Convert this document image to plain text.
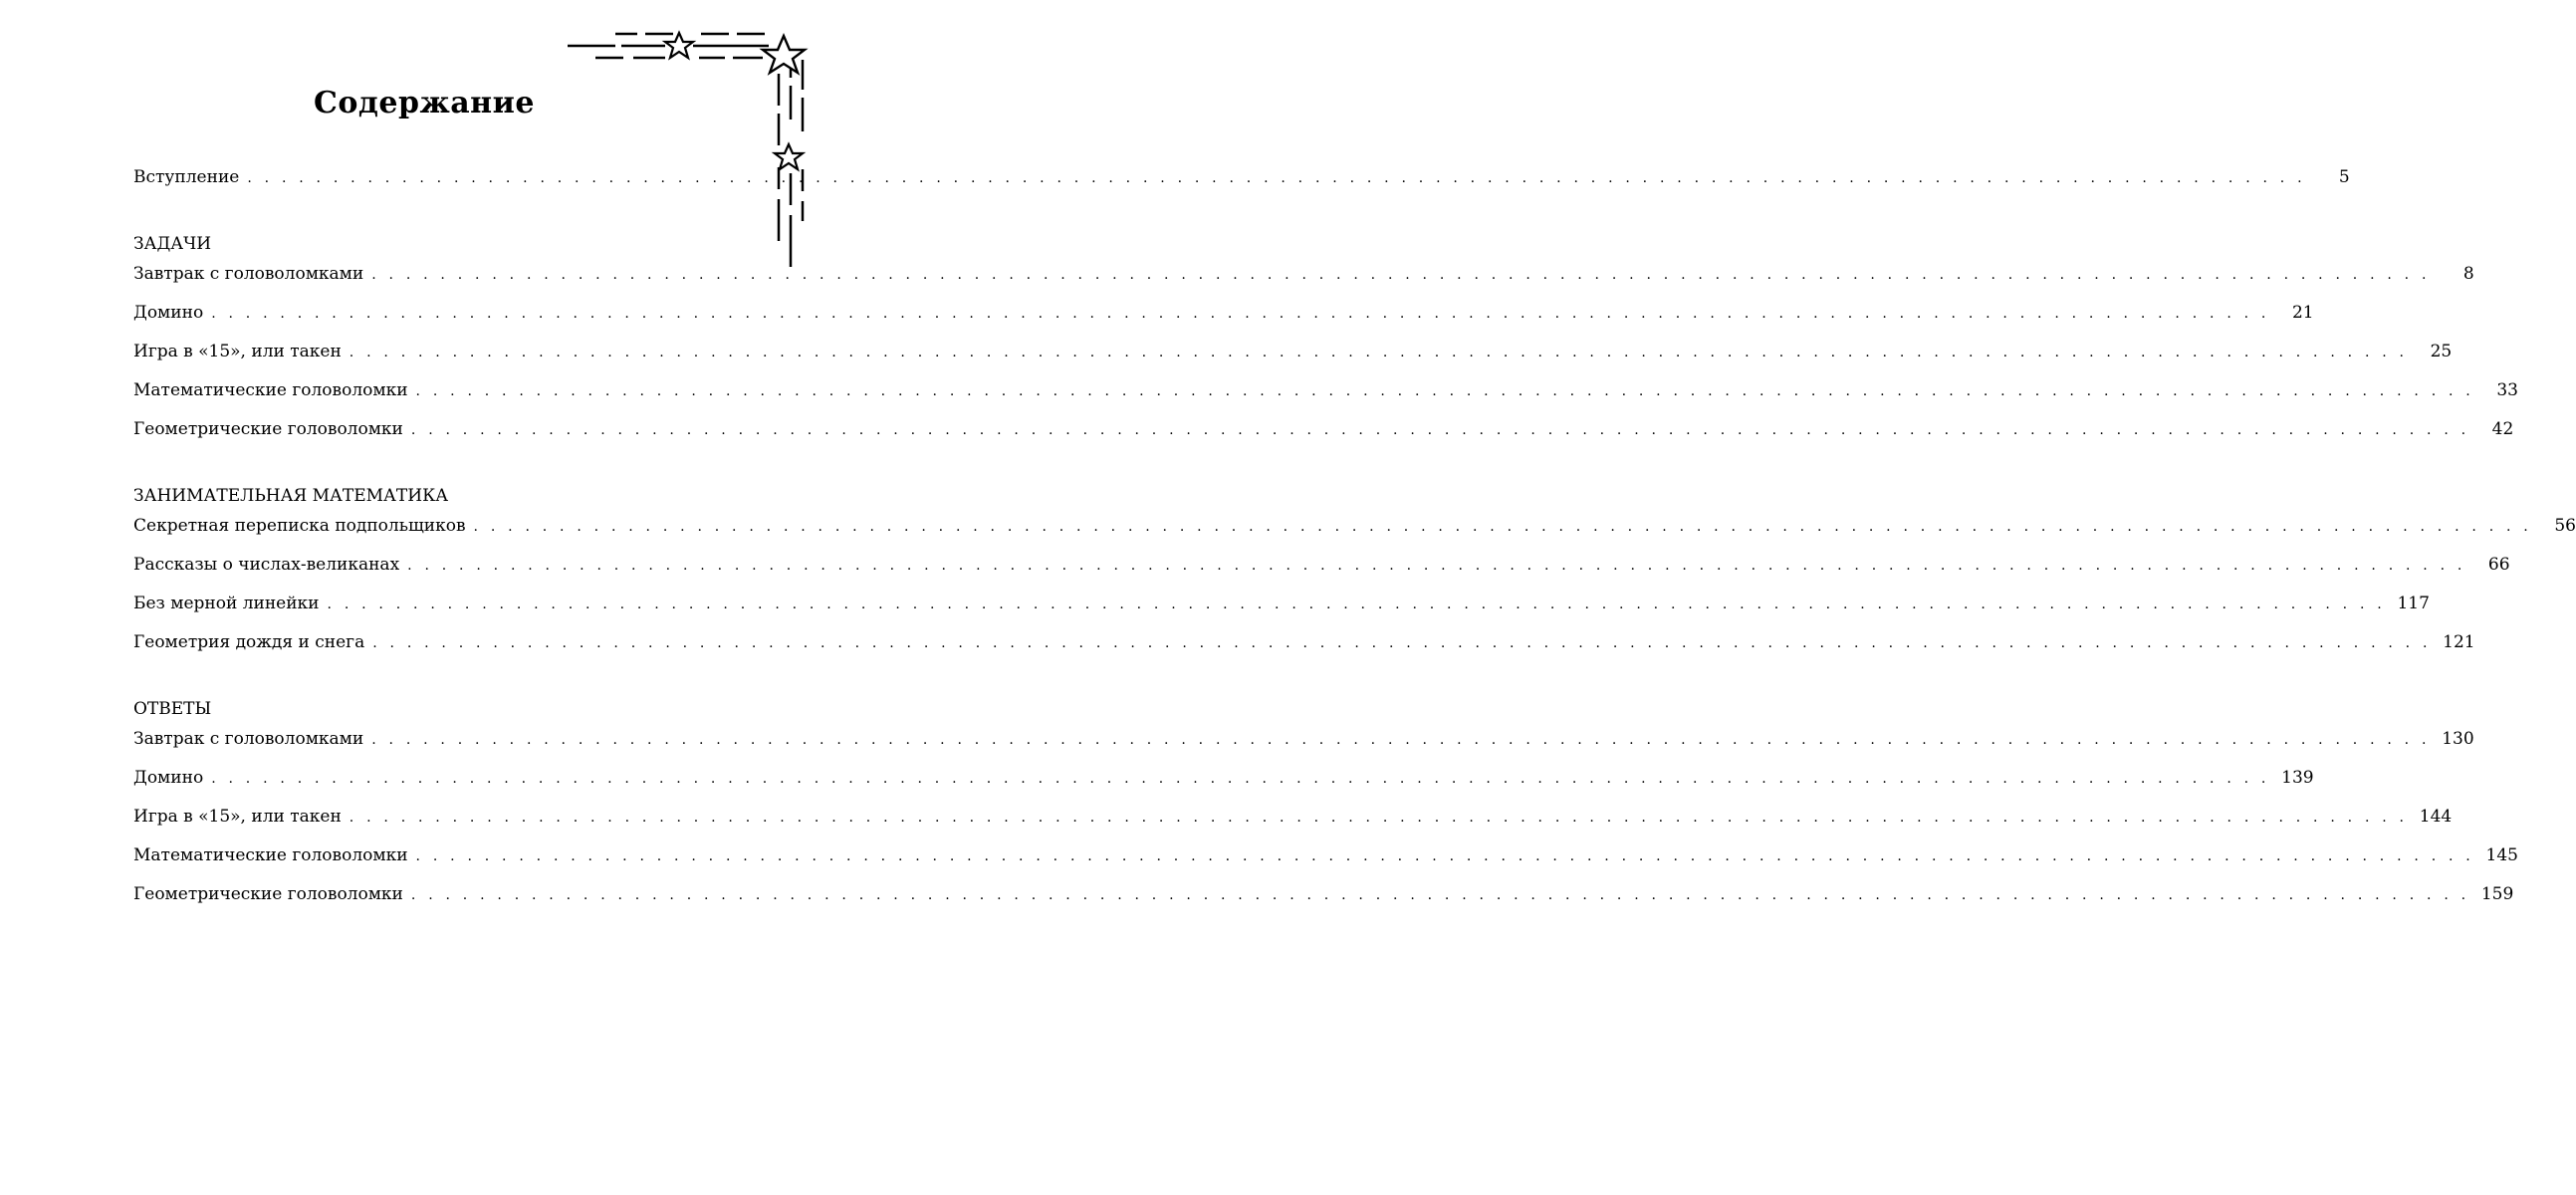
Содержание
Вступление . . . . . . . . . . . . . . . . . . . . . . . . . . . . . . . . . . . . . . . . . . . . . . . . . . . . . . . . . . . . . . . . . . . . . . . . . . . . . . . . . . . . . . . . . . . . . . . . . . . . . . . . . . . . . . . . . . . . . . . .	5
ЗАДАЧИ
Завтрак с головоломками . . . . . . . . . . . . . . . . . . . . . . . . . . . . . . . . . . . . . . . . . . . . . . . . . . . . . . . . . . . . . . . . . . . . . . . . . . . . . . . . . . . . . . . . . . . . . . . . . . . . . . . . . . . . . . . . . . . . . . . .	8
Домино . . . . . . . . . . . . . . . . . . . . . . . . . . . . . . . . . . . . . . . . . . . . . . . . . . . . . . . . . . . . . . . . . . . . . . . . . . . . . . . . . . . . . . . . . . . . . . . . . . . . . . . . . . . . . . . . . . . . . . . .	21
Игра в «15», или такен . . . . . . . . . . . . . . . . . . . . . . . . . . . . . . . . . . . . . . . . . . . . . . . . . . . . . . . . . . . . . . . . . . . . . . . . . . . . . . . . . . . . . . . . . . . . . . . . . . . . . . . . . . . . . . . . . . . . . . . .	25
Математические головоломки . . . . . . . . . . . . . . . . . . . . . . . . . . . . . . . . . . . . . . . . . . . . . . . . . . . . . . . . . . . . . . . . . . . . . . . . . . . . . . . . . . . . . . . . . . . . . . . . . . . . . . . . . . . . . . . . . . . . . . . .	33
Геометрические головоломки . . . . . . . . . . . . . . . . . . . . . . . . . . . . . . . . . . . . . . . . . . . . . . . . . . . . . . . . . . . . . . . . . . . . . . . . . . . . . . . . . . . . . . . . . . . . . . . . . . . . . . . . . . . . . . . . . . . . . . . .	42
ЗАНИМАТЕЛЬНАЯ МАТЕМАТИКА
Секретная переписка подпольщиков . . . . . . . . . . . . . . . . . . . . . . . . . . . . . . . . . . . . . . . . . . . . . . . . . . . . . . . . . . . . . . . . . . . . . . . . . . . . . . . . . . . . . . . . . . . . . . . . . . . . . . . . . . . . . . . . . . . . . . . .	56
Рассказы о числах-великанах . . . . . . . . . . . . . . . . . . . . . . . . . . . . . . . . . . . . . . . . . . . . . . . . . . . . . . . . . . . . . . . . . . . . . . . . . . . . . . . . . . . . . . . . . . . . . . . . . . . . . . . . . . . . . . . . . . . . . . . .	66
Без мерной линейки . . . . . . . . . . . . . . . . . . . . . . . . . . . . . . . . . . . . . . . . . . . . . . . . . . . . . . . . . . . . . . . . . . . . . . . . . . . . . . . . . . . . . . . . . . . . . . . . . . . . . . . . . . . . . . . . . . . . . . . . 117
Геометрия дождя и снега . . . . . . . . . . . . . . . . . . . . . . . . . . . . . . . . . . . . . . . . . . . . . . . . . . . . . . . . . . . . . . . . . . . . . . . . . . . . . . . . . . . . . . . . . . . . . . . . . . . . . . . . . . . . . . . . . . . . . . . . 121
ОТВЕТЫ
Завтрак с головоломками . . . . . . . . . . . . . . . . . . . . . . . . . . . . . . . . . . . . . . . . . . . . . . . . . . . . . . . . . . . . . . . . . . . . . . . . . . . . . . . . . . . . . . . . . . . . . . . . . . . . . . . . . . . . . . . . . . . . . . . . 130
Домино . . . . . . . . . . . . . . . . . . . . . . . . . . . . . . . . . . . . . . . . . . . . . . . . . . . . . . . . . . . . . . . . . . . . . . . . . . . . . . . . . . . . . . . . . . . . . . . . . . . . . . . . . . . . . . . . . . . . . . . . 139
Игра в «15», или такен . . . . . . . . . . . . . . . . . . . . . . . . . . . . . . . . . . . . . . . . . . . . . . . . . . . . . . . . . . . . . . . . . . . . . . . . . . . . . . . . . . . . . . . . . . . . . . . . . . . . . . . . . . . . . . . . . . . . . . . . 144
Математические головоломки . . . . . . . . . . . . . . . . . . . . . . . . . . . . . . . . . . . . . . . . . . . . . . . . . . . . . . . . . . . . . . . . . . . . . . . . . . . . . . . . . . . . . . . . . . . . . . . . . . . . . . . . . . . . . . . . . . . . . . . . 145
Геометрические головоломки . . . . . . . . . . . . . . . . . . . . . . . . . . . . . . . . . . . . . . . . . . . . . . . . . . . . . . . . . . . . . . . . . . . . . . . . . . . . . . . . . . . . . . . . . . . . . . . . . . . . . . . . . . . . . . . . . . . . . . . . 159
